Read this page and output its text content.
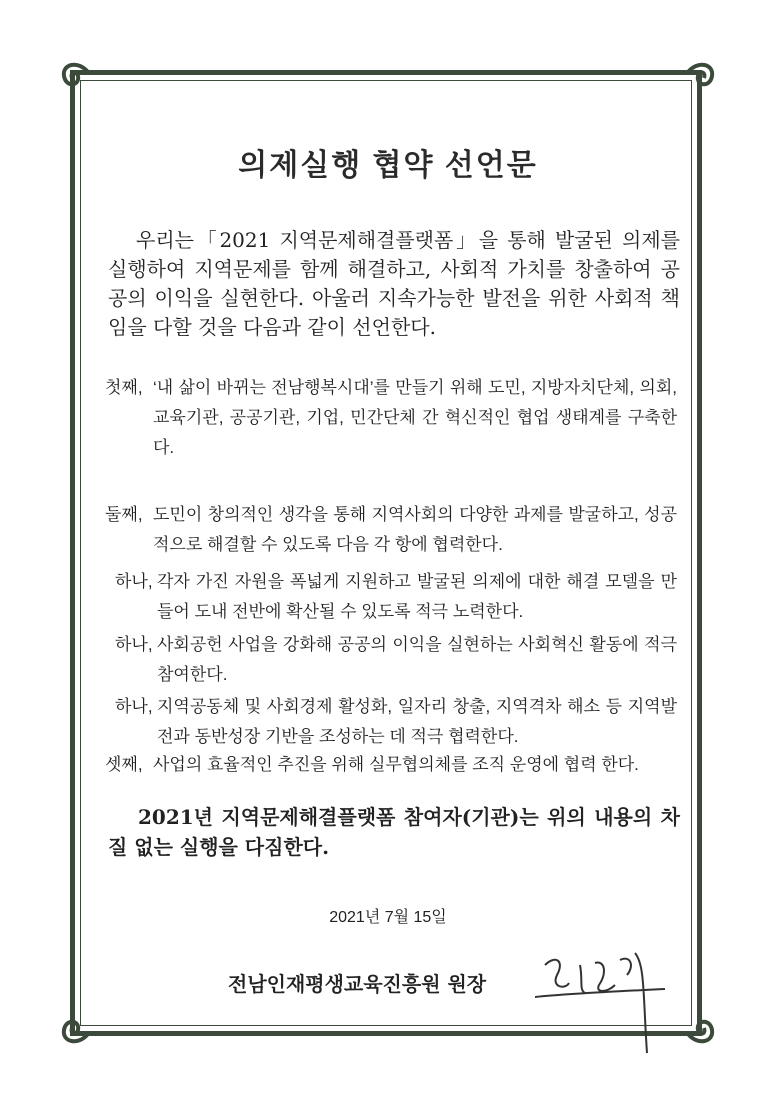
의제실행 협약 선언문
우리는「2021 지역문제해결플랫폼」을 통해 발굴된 의제를 실행하여 지역문제를 함께 해결하고, 사회적 가치를 창출하여 공공의 이익을 실현한다. 아울러 지속가능한 발전을 위한 사회적 책임을 다할 것을 다음과 같이 선언한다.
첫째, ‘내 삶이 바뀌는 전남행복시대’를 만들기 위해 도민, 지방자치단체, 의회, 교육기관, 공공기관, 기업, 민간단체 간 혁신적인 협업 생태계를 구축한다.
둘째, 도민이 창의적인 생각을 통해 지역사회의 다양한 과제를 발굴하고, 성공적으로 해결할 수 있도록 다음 각 항에 협력한다.
하나, 각자 가진 자원을 폭넓게 지원하고 발굴된 의제에 대한 해결 모델을 만들어 도내 전반에 확산될 수 있도록 적극 노력한다.
하나, 사회공헌 사업을 강화해 공공의 이익을 실현하는 사회혁신 활동에 적극 참여한다.
하나, 지역공동체 및 사회경제 활성화, 일자리 창출, 지역격차 해소 등 지역발전과 동반성장 기반을 조성하는 데 적극 협력한다.
셋째, 사업의 효율적인 추진을 위해 실무협의체를 조직 운영에 협력 한다.
2021년 지역문제해결플랫폼 참여자(기관)는 위의 내용의 차질 없는 실행을 다짐한다.
2021년 7월 15일
전남인재평생교육진흥원 원장
